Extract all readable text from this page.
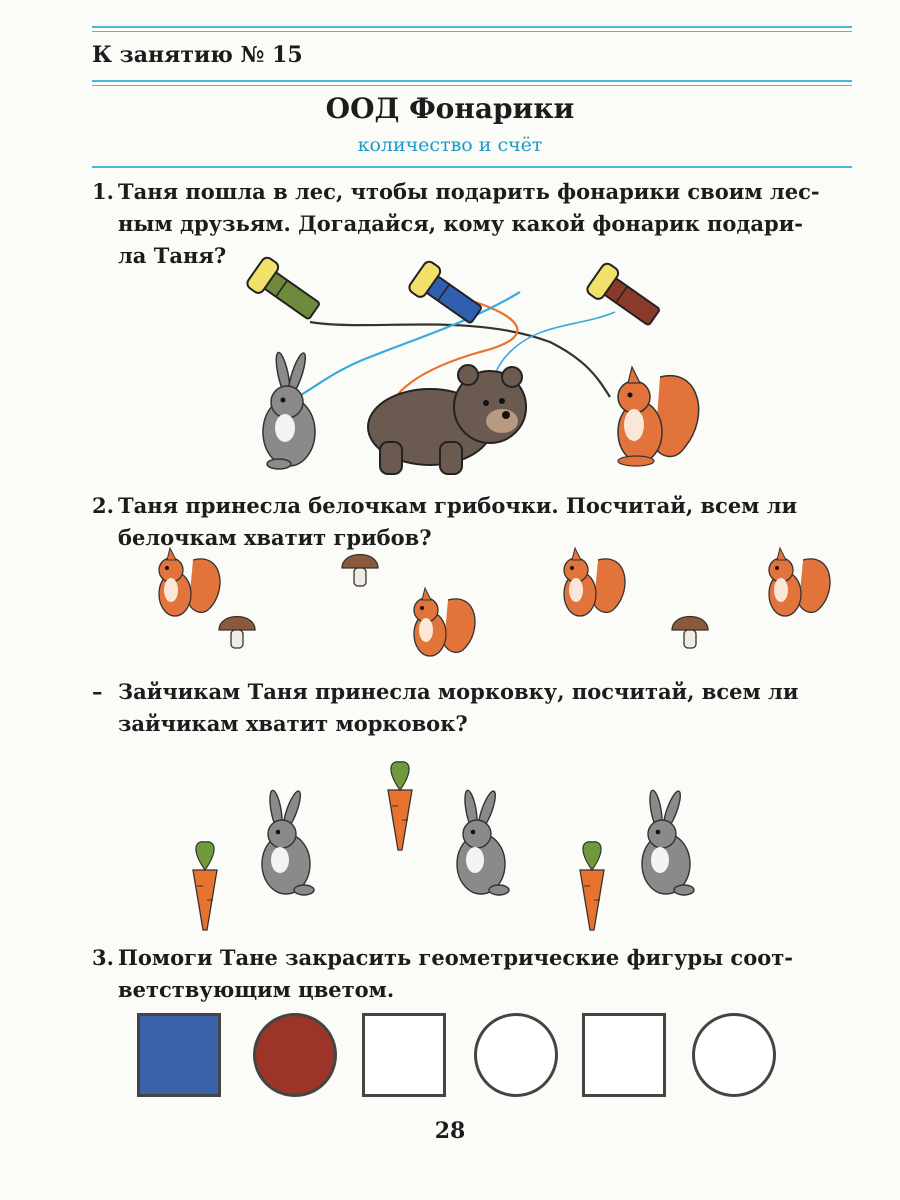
К занятию № 15
ООД Фонарики
количество и счёт
1. Таня пошла в лес, чтобы подарить фонарики своим лес-
ным друзьям. Догадайся, кому какой фонарик подари-
ла Таня?
2. Таня принесла белочкам грибочки. Посчитай, всем ли
белочкам хватит грибов?
– Зайчикам Таня принесла морковку, посчитай, всем ли
зайчикам хватит морковок?
3. Помоги Тане закрасить геометрические фигуры соот-
ветствующим цветом.
28
